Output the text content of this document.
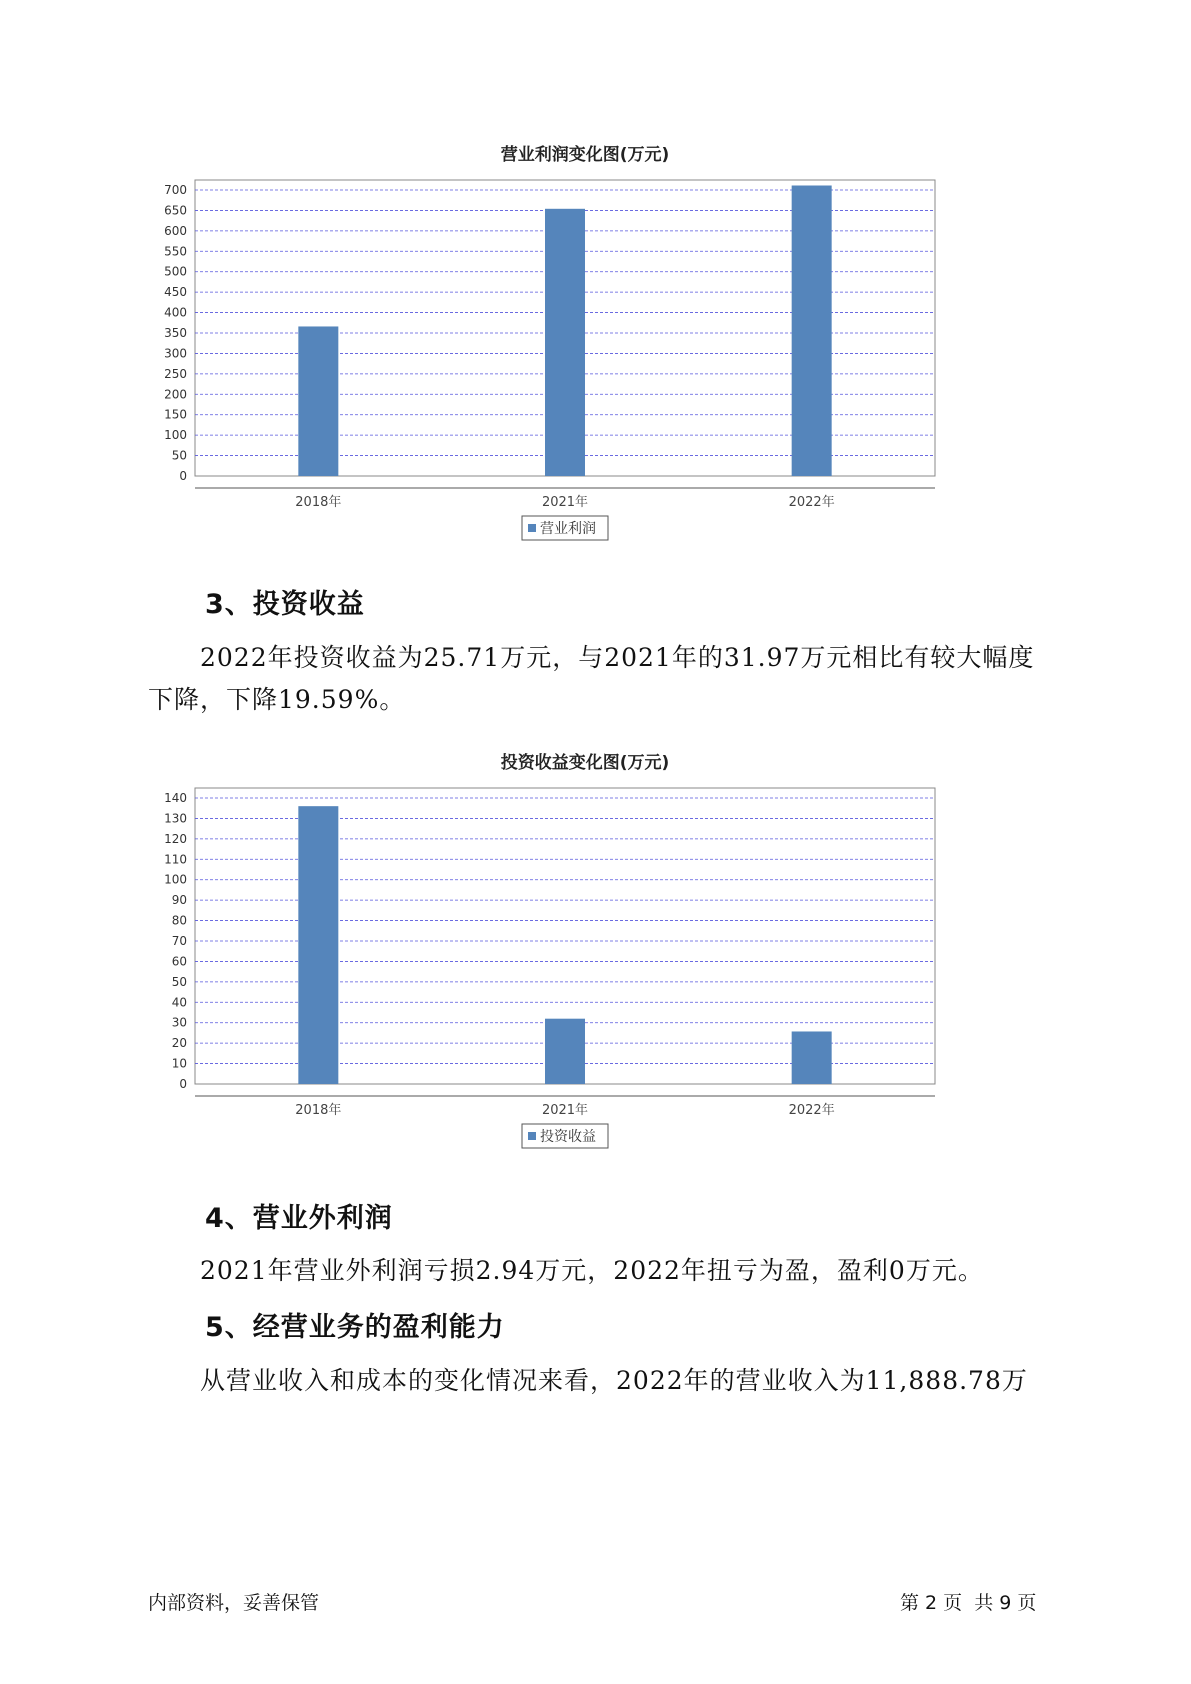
营业利润变化图(万元)
0
50
100
150
200
250
300
350
400
450
500
550
600
650
700
2018年	2021年	2022年
营业利润
3、投资收益
2022年投资收益为25.71万元，与2021年的31.97万元相比有较大幅度
下降，下降19.59%。
投资收益变化图(万元)
0
10
20
30
40
50
60
70
80
90
100
110
120
130
140
2018年	2021年	2022年
投资收益
4、营业外利润
2021年营业外利润亏损2.94万元，2022年扭亏为盈，盈利0万元。
5、经营业务的盈利能力
从营业收入和成本的变化情况来看，2022年的营业收入为11,888.78万
内部资料，妥善保管	第 2 页  共 9 页
